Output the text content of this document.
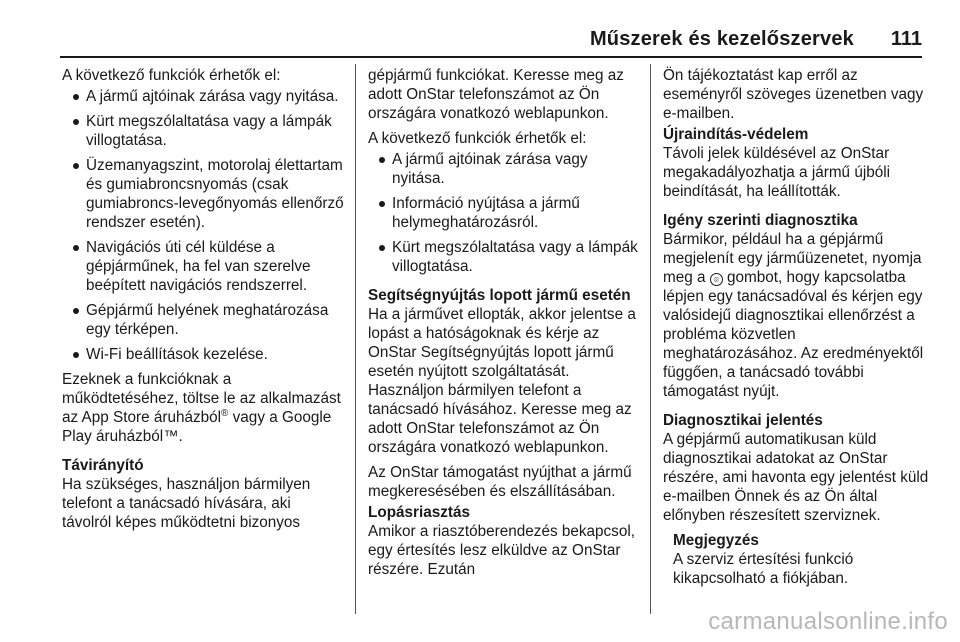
Műszerek és kezelőszervek 111

A következő funkciók érhetők el:

A jármű ajtóinak zárása vagy nyitása.
Kürt megszólaltatása vagy a lámpák villogtatása.
Üzemanyagszint, motorolaj élettartam és gumiabroncsnyomás (csak gumiabroncs-levegőnyomás ellenőrző rendszer esetén).
Navigációs úti cél küldése a gépjárműnek, ha fel van szerelve beépített navigációs rendszerrel.
Gépjármű helyének meghatározása egy térképen.
Wi-Fi beállítások kezelése.

Ezeknek a funkcióknak a működtetéséhez, töltse le az alkalmazást az App Store áruházból® vagy a Google Play áruházból™.

Távirányító

Ha szükséges, használjon bármilyen telefont a tanácsadó hívására, aki távolról képes működtetni bizonyos

gépjármű funkciókat. Keresse meg az adott OnStar telefonszámot az Ön országára vonatkozó weblapunkon.

A következő funkciók érhetők el:

A jármű ajtóinak zárása vagy nyitása.
Információ nyújtása a jármű helymeghatározásról.
Kürt megszólaltatása vagy a lámpák villogtatása.

Segítségnyújtás lopott jármű esetén

Ha a járművet ellopták, akkor jelentse a lopást a hatóságoknak és kérje az OnStar Segítségnyújtás lopott jármű esetén nyújtott szolgáltatását. Használjon bármilyen telefont a tanácsadó hívásához. Keresse meg az adott OnStar telefonszámot az Ön országára vonatkozó weblapunkon.

Az OnStar támogatást nyújthat a jármű megkeresésében és elszállításában.

Lopásriasztás

Amikor a riasztóberendezés bekapcsol, egy értesítés lesz elküldve az OnStar részére. Ezután

Ön tájékoztatást kap erről az eseményről szöveges üzenetben vagy e-mailben.

Újraindítás-védelem

Távoli jelek küldésével az OnStar megakadályozhatja a jármű újbóli beindítását, ha leállították.

Igény szerinti diagnosztika

Bármikor, például ha a gépjármű megjelenít egy járműüzenetet, nyomja meg a ⌾ gombot, hogy kapcsolatba lépjen egy tanácsadóval és kérjen egy valósidejű diagnosztikai ellenőrzést a probléma közvetlen meghatározásához. Az eredményektől függően, a tanácsadó további támogatást nyújt.

Diagnosztikai jelentés

A gépjármű automatikusan küld diagnosztikai adatokat az OnStar részére, ami havonta egy jelentést küld e-mailben Önnek és az Ön által előnyben részesített szerviznek.

Megjegyzés

A szerviz értesítési funkció kikapcsolható a fiókjában.

carmanualsonline.info
